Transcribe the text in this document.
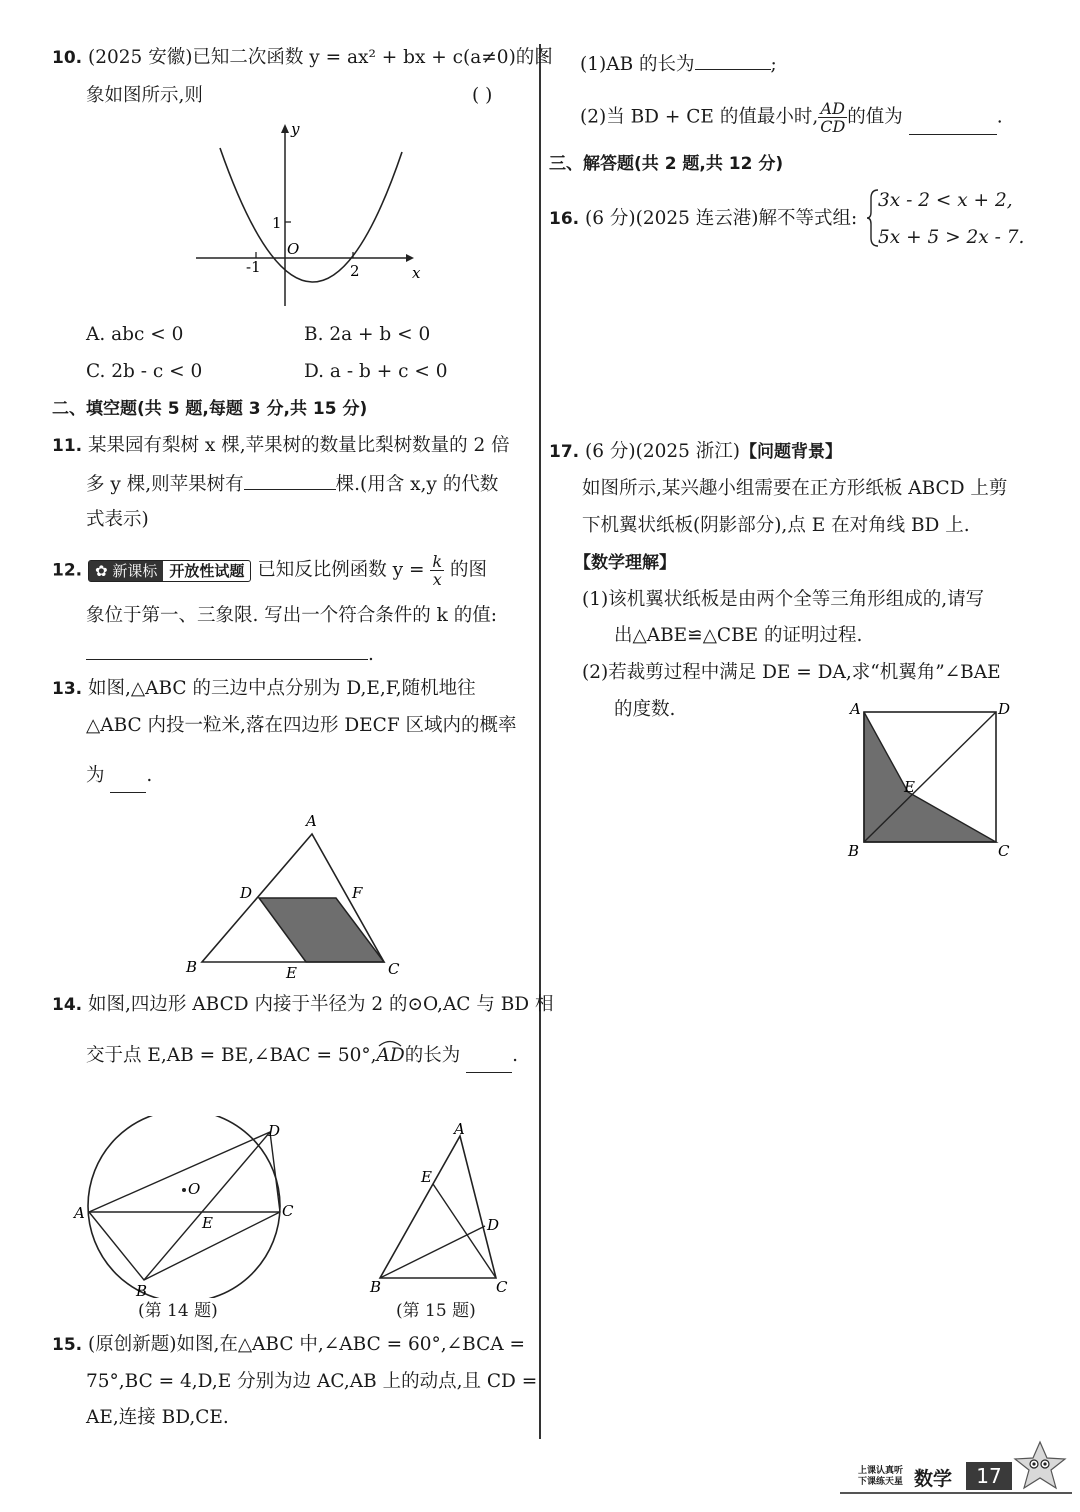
10. (2025 安徽)已知二次函数 y = ax² + bx + c(a≠0)的图
象如图所示,则	( )
y
x
O
1
-1	2
A. abc < 0	B. 2a + b < 0
C. 2b - c < 0	D. a - b + c < 0
二、填空题(共 5 题,每题 3 分,共 15 分)
11. 某果园有梨树 x 棵,苹果树的数量比梨树数量的 2 倍
多 y 棵,则苹果树有	棵.(用含 x,y 的代数
式表示)
12. ✿ 新课标 开放性试题 已知反比例函数 $y = \frac{k}{x}$ 的图
象位于第一、三象限. 写出一个符合条件的 k 的值:
.
13. 如图,△ABC 的三边中点分别为 D,E,F,随机地往
△ABC 内投一粒米,落在四边形 DECF 区域内的概率
为 .
A
B	C
D
E
F
14. 如图,四边形 ABCD 内接于半径为 2 的⊙O,AC 与 BD 相
交于点 E,AB = BE,∠BAC = 50°,AD
的长为	.
A
B
C
D
E
O
(第 14 题)
A
B	C
D
E
(第 15 题)
15. (原创新题)如图,在△ABC 中,∠ABC = 60°,∠BCA =
75°,BC = 4,D,E 分别为边 AC,AB 上的动点,且 CD =
AE,连接 BD,CE.
(1)AB 的长为	;
(2)当 BD + CE 的值最小时, $\frac{AD}{CD}$ 的值为	.
三、解答题(共 2 题,共 12 分)
16. (6 分)(2025 连云港)解不等式组:
3x - 2 < x + 2,
5x + 5 > 2x - 7.
17. (6 分)(2025 浙江)【问题背景】
如图所示,某兴趣小组需要在正方形纸板 ABCD 上剪
下机翼状纸板(阴影部分),点 E 在对角线 BD 上.
【数学理解】
(1)该机翼状纸板是由两个全等三角形组成的,请写
出△ABE≌△CBE 的证明过程.
(2)若裁剪过程中满足 DE = DA,求“机翼角”∠BAE
的度数.	A
B	C
D
E
上课认真听
下课练天星 数学	17
